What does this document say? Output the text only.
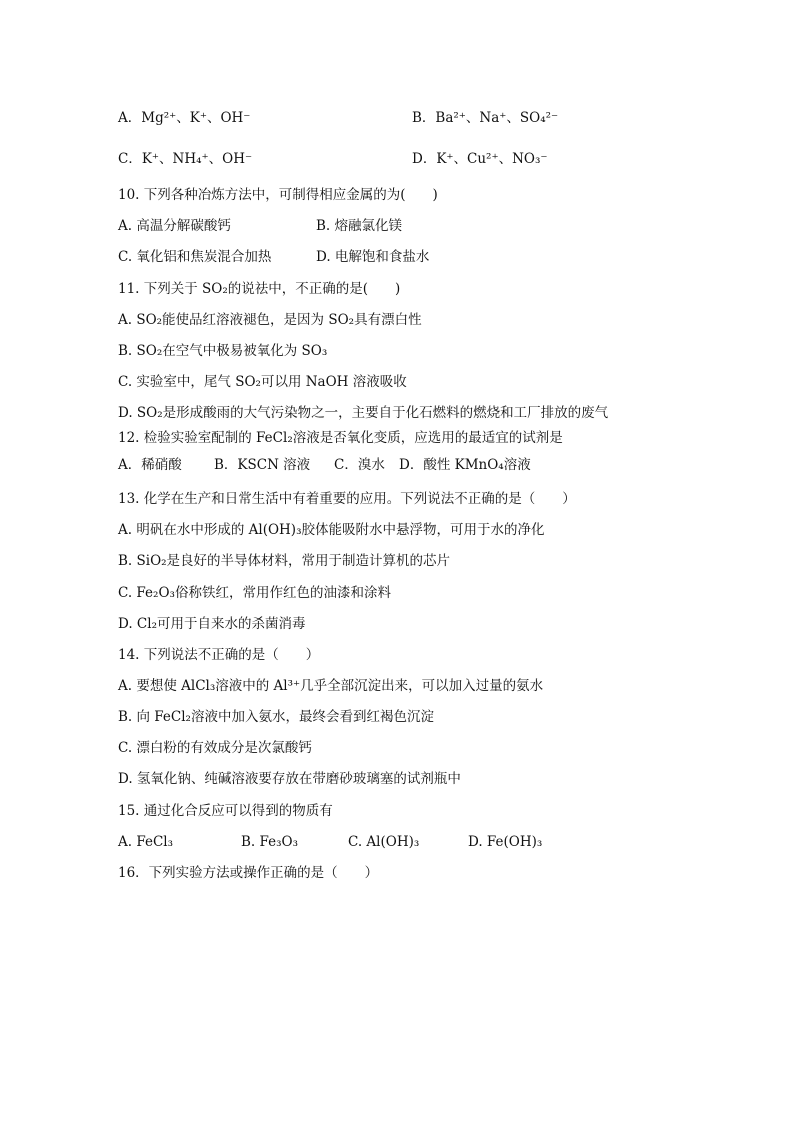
A．Mg²⁺、K⁺、OH⁻	B．Ba²⁺、Na⁺、SO₄²⁻
C．K⁺、NH₄⁺、OH⁻	D．K⁺、Cu²⁺、NO₃⁻
10. 下列各种冶炼方法中，可制得相应金属的为(　　)
A. 高温分解碳酸钙	B. 熔融氯化镁
C. 氧化铝和焦炭混合加热	D. 电解饱和食盐水
11. 下列关于 SO₂的说祛中，不正确的是(　　)
A. SO₂能使品红溶液褪色，是因为 SO₂具有漂白性
B. SO₂在空气中极易被氧化为 SO₃
C. 实验室中，尾气 SO₂可以用 NaOH 溶液吸收
D. SO₂是形成酸雨的大气污染物之一，主要自于化石燃料的燃烧和工厂排放的废气
12. 检验实验室配制的 FeCl₂溶液是否氧化变质，应选用的最适宜的试剂是
A．稀硝酸 B．KSCN 溶液 C．溴水 D．酸性 KMnO₄溶液
13. 化学在生产和日常生活中有着重要的应用。下列说法不正确的是（　　）
A. 明矾在水中形成的 Al(OH)₃胶体能吸附水中悬浮物，可用于水的净化
B. SiO₂是良好的半导体材料，常用于制造计算机的芯片
C. Fe₂O₃俗称铁红，常用作红色的油漆和涂料
D. Cl₂可用于自来水的杀菌消毒
14. 下列说法不正确的是（　　）
A. 要想使 AlCl₃溶液中的 Al³⁺几乎全部沉淀出来，可以加入过量的氨水
B. 向 FeCl₂溶液中加入氨水，最终会看到红褐色沉淀
C. 漂白粉的有效成分是次氯酸钙
D. 氢氧化钠、纯碱溶液要存放在带磨砂玻璃塞的试剂瓶中
15. 通过化合反应可以得到的物质有
A. FeCl₃	B. Fe₃O₃	C. Al(OH)₃	D. Fe(OH)₃
16．下列实验方法或操作正确的是（　　）
